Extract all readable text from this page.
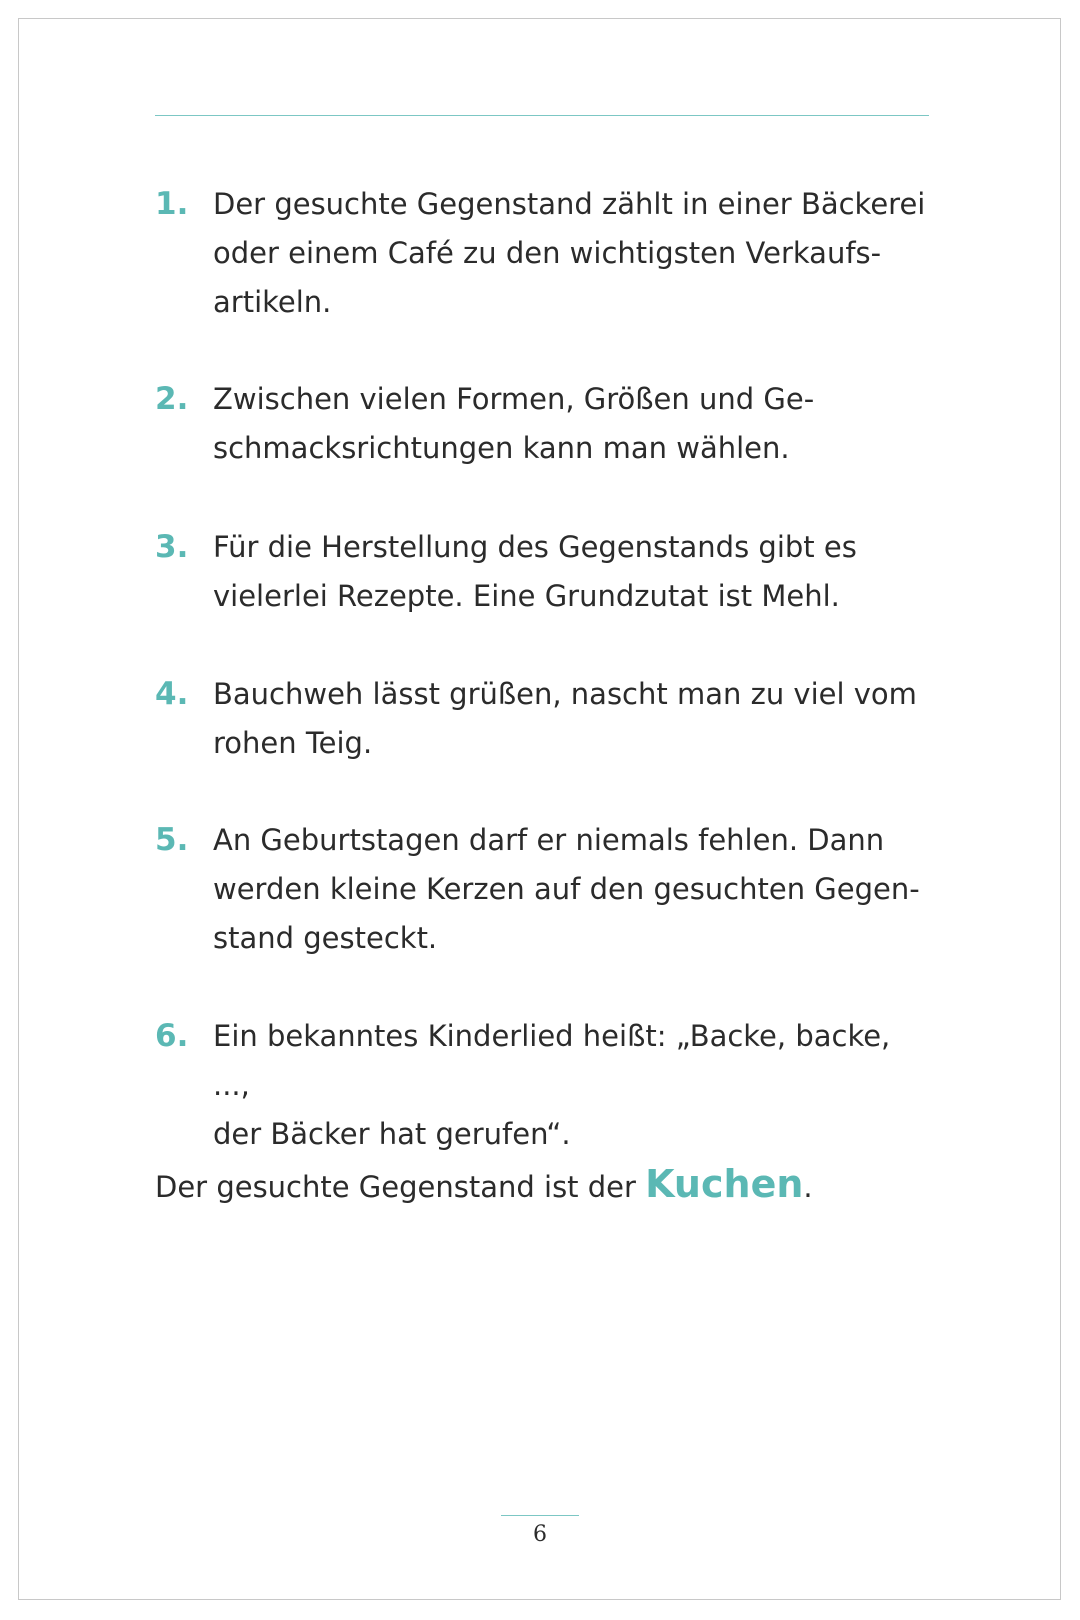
1. Der gesuchte Gegenstand zählt in einer Bäckerei
oder einem Café zu den wichtigsten Verkaufs-
artikeln.
2. Zwischen vielen Formen, Größen und Ge-
schmacksrichtungen kann man wählen.
3. Für die Herstellung des Gegenstands gibt es
vielerlei Rezepte. Eine Grundzutat ist Mehl.
4. Bauchweh lässt grüßen, nascht man zu viel vom
rohen Teig.
5. An Geburtstagen darf er niemals fehlen. Dann
werden kleine Kerzen auf den gesuchten Gegen-
stand gesteckt.
6. Ein bekanntes Kinderlied heißt: „Backe, backe, ...,
der Bäcker hat gerufen“.

Der gesuchte Gegenstand ist der Kuchen.

6
